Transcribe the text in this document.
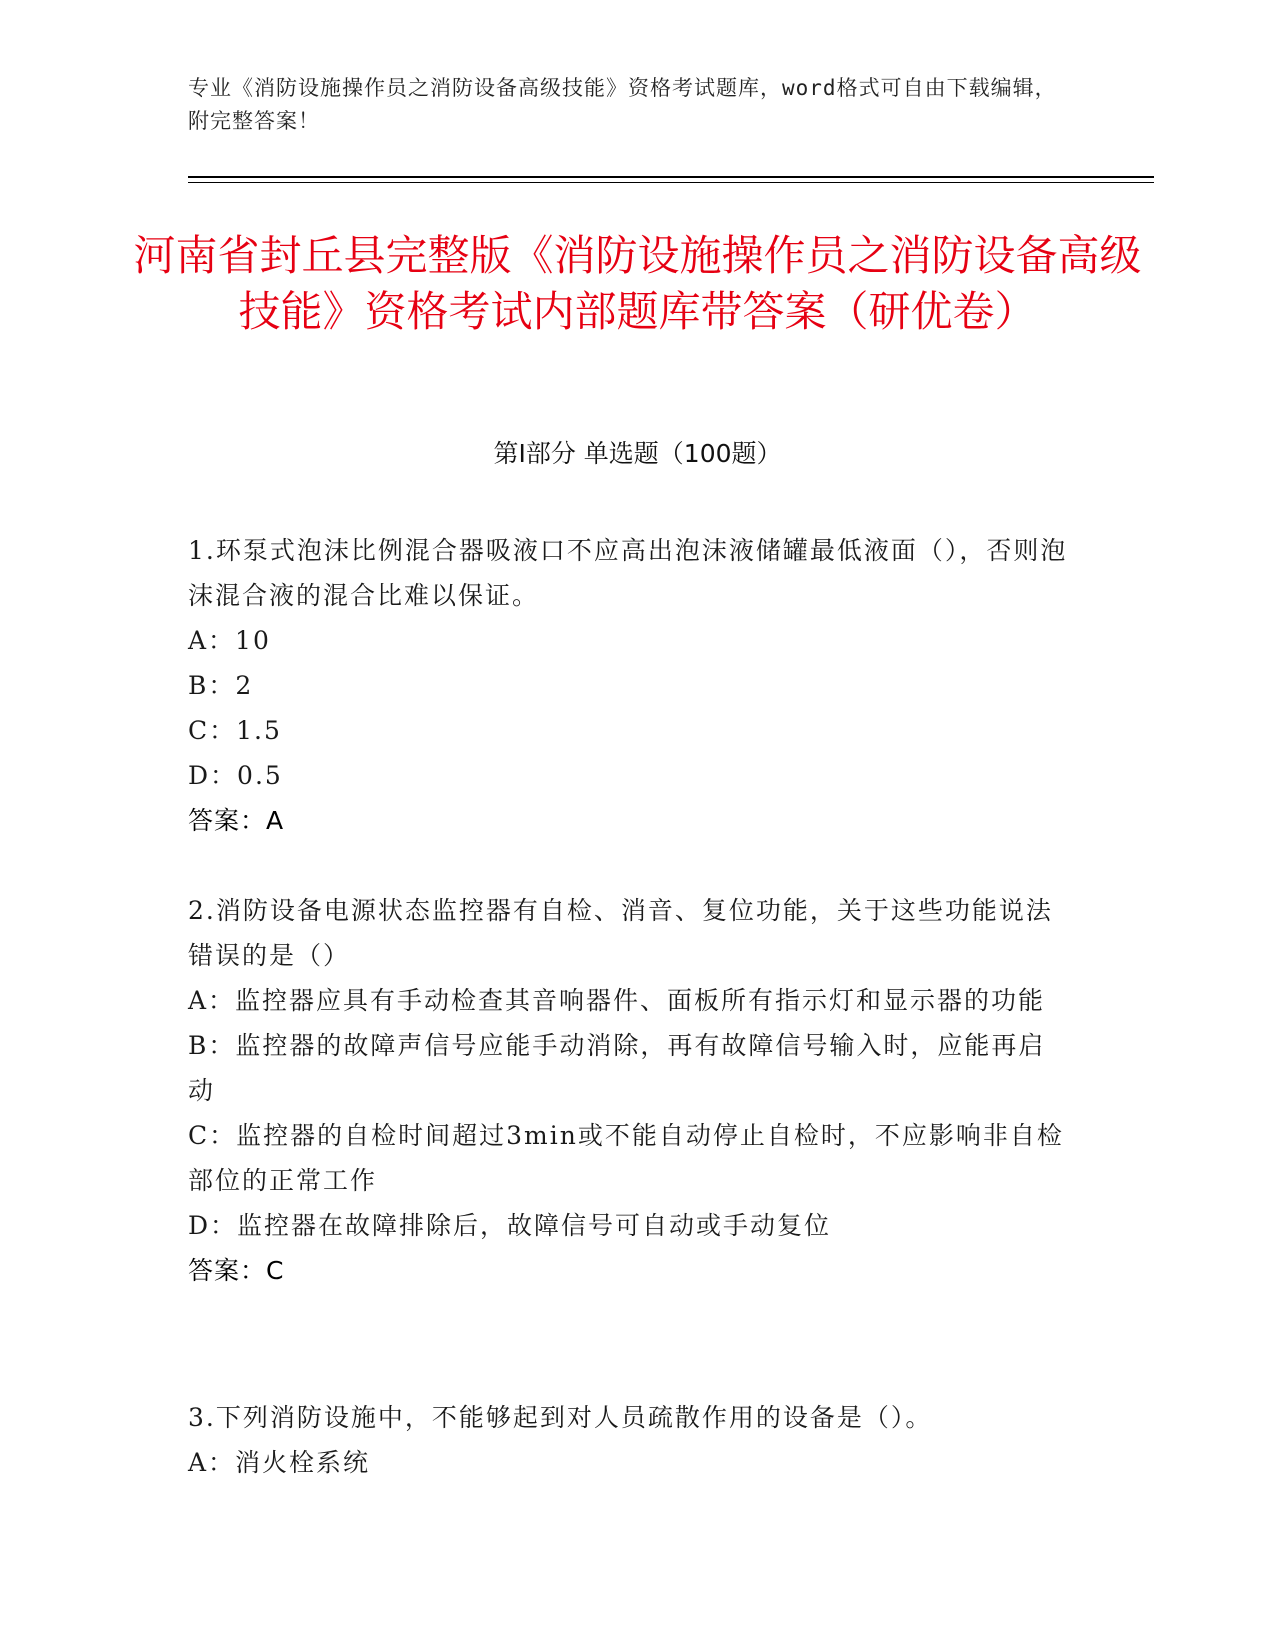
专业《消防设施操作员之消防设备高级技能》资格考试题库，word格式可自由下载编辑，附完整答案！
河南省封丘县完整版《消防设施操作员之消防设备高级技能》资格考试内部题库带答案（研优卷）
第Ⅰ部分 单选题（100题）
1.环泵式泡沫比例混合器吸液口不应高出泡沫液储罐最低液面（），否则泡沫混合液的混合比难以保证。
A：10
B：2
C：1.5
D：0.5
答案：A
2.消防设备电源状态监控器有自检、消音、复位功能，关于这些功能说法错误的是（）
A：监控器应具有手动检查其音响器件、面板所有指示灯和显示器的功能
B：监控器的故障声信号应能手动消除，再有故障信号输入时，应能再启动
C：监控器的自检时间超过3min或不能自动停止自检时，不应影响非自检部位的正常工作
D：监控器在故障排除后，故障信号可自动或手动复位
答案：C
3.下列消防设施中，不能够起到对人员疏散作用的设备是（）。
A：消火栓系统
